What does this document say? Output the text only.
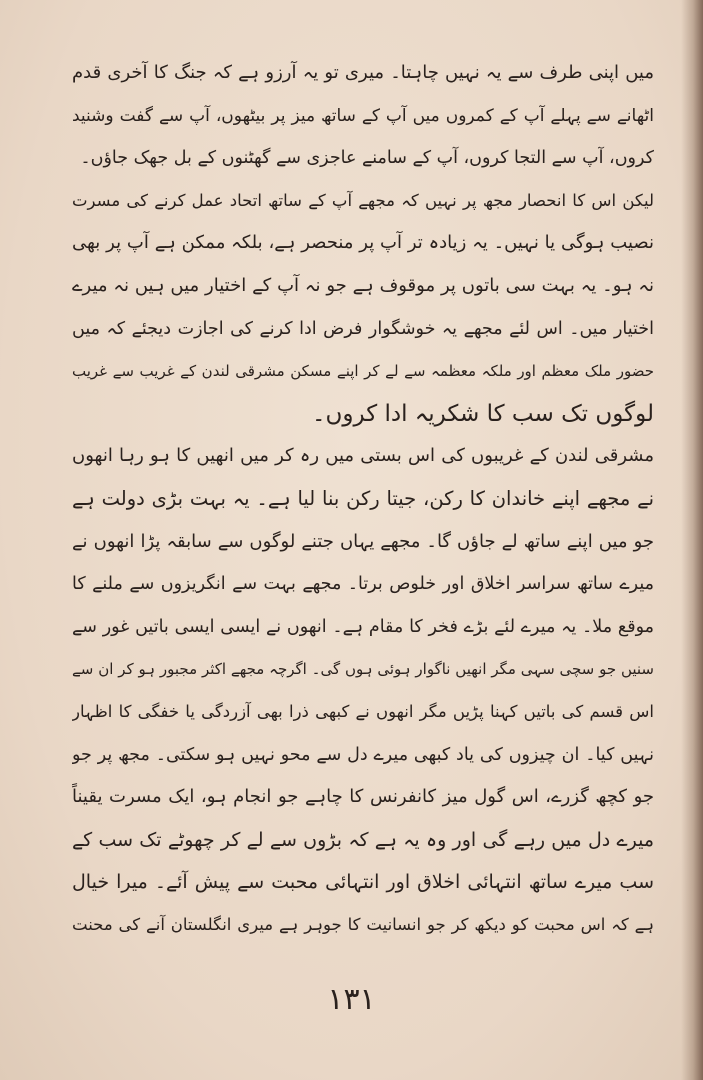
میں اپنی طرف سے یہ نہیں چاہتا۔ میری تو یہ آرزو ہے کہ جنگ کا آخری قدم
اٹھانے سے پہلے آپ کے کمروں میں آپ کے ساتھ میز پر بیٹھوں، آپ سے گفت وشنید
کروں، آپ سے التجا کروں، آپ کے سامنے عاجزی سے گھٹنوں کے بل جھک جاؤں۔
لیکن اس کا انحصار مجھ پر نہیں کہ مجھے آپ کے ساتھ اتحاد عمل کرنے کی مسرت
نصیب ہوگی یا نہیں۔ یہ زیادہ تر آپ پر منحصر ہے، بلکہ ممکن ہے آپ پر بھی
نہ ہو۔ یہ بہت سی باتوں پر موقوف ہے جو نہ آپ کے اختیار میں ہیں نہ میرے
اختیار میں۔ اس لئے مجھے یہ خوشگوار فرض ادا کرنے کی اجازت دیجئے کہ میں
حضور ملک معظم اور ملکہ معظمہ سے لے کر اپنے مسکن مشرقی لندن کے غریب سے غریب
لوگوں تک سب کا شکریہ ادا کروں۔
مشرقی لندن کے غریبوں کی اس بستی میں رہ کر میں انھیں کا ہو رہا انھوں
نے مجھے اپنے خاندان کا رکن، جیتا رکن بنا لیا ہے۔ یہ بہت بڑی دولت ہے
جو میں اپنے ساتھ لے جاؤں گا۔ مجھے یہاں جتنے لوگوں سے سابقہ پڑا انھوں نے
میرے ساتھ سراسر اخلاق اور خلوص برتا۔ مجھے بہت سے انگریزوں سے ملنے کا
موقع ملا۔ یہ میرے لئے بڑے فخر کا مقام ہے۔ انھوں نے ایسی ایسی باتیں غور سے
سنیں جو سچی سہی مگر انھیں ناگوار ہوئی ہوں گی۔ اگرچہ مجھے اکثر مجبور ہو کر ان سے
اس قسم کی باتیں کہنا پڑیں مگر انھوں نے کبھی ذرا بھی آزردگی یا خفگی کا اظہار
نہیں کیا۔ ان چیزوں کی یاد کبھی میرے دل سے محو نہیں ہو سکتی۔ مجھ پر جو
جو کچھ گزرے، اس گول میز کانفرنس کا چاہے جو انجام ہو، ایک مسرت یقیناً
میرے دل میں رہے گی اور وہ یہ ہے کہ بڑوں سے لے کر چھوٹے تک سب کے
سب میرے ساتھ انتہائی اخلاق اور انتہائی محبت سے پیش آئے۔ میرا خیال
ہے کہ اس محبت کو دیکھ کر جو انسانیت کا جوہر ہے میری انگلستان آنے کی محنت
١٣١
